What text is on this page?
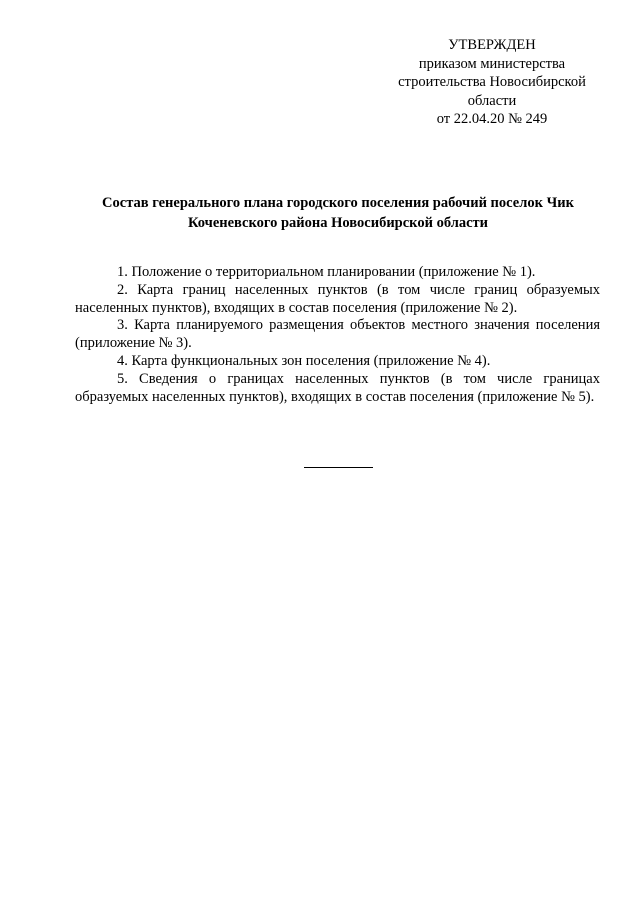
УТВЕРЖДЕН
приказом министерства
строительства Новосибирской
области
от 22.04.20 № 249
Состав генерального плана городского поселения рабочий поселок Чик
Коченевского района Новосибирской области

1. Положение о территориальном планировании (приложение № 1).

2. Карта границ населенных пунктов (в том числе границ образуемых населенных пунктов), входящих в состав поселения (приложение № 2).

3. Карта планируемого размещения объектов местного значения поселения (приложение № 3).

4. Карта функциональных зон поселения (приложение № 4).

5. Сведения о границах населенных пунктов (в том числе границах образуемых населенных пунктов), входящих в состав поселения (приложение № 5).
